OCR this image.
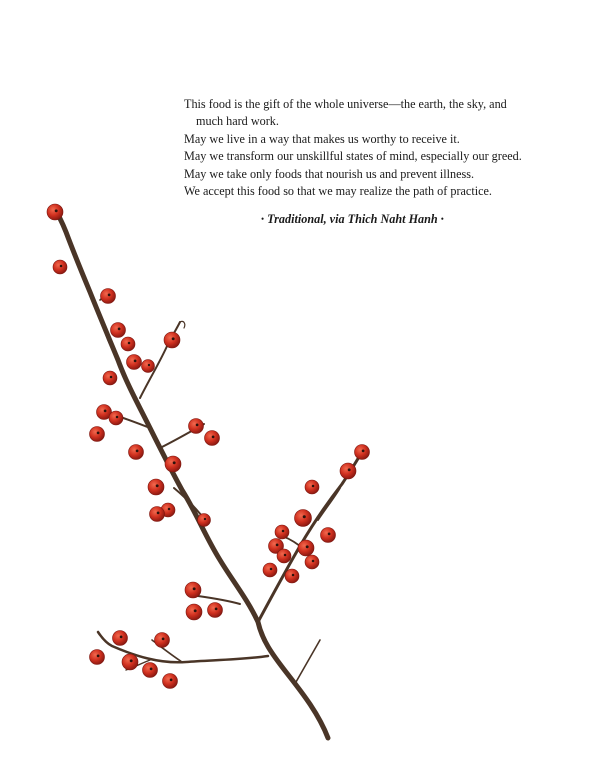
This food is the gift of the whole universe—the earth, the sky, and
much hard work.
May we live in a way that makes us worthy to receive it.
May we transform our unskillful states of mind, especially our greed.
May we take only foods that nourish us and prevent illness.
We accept this food so that we may realize the path of practice.
• Traditional, via Thich Naht Hanh •
